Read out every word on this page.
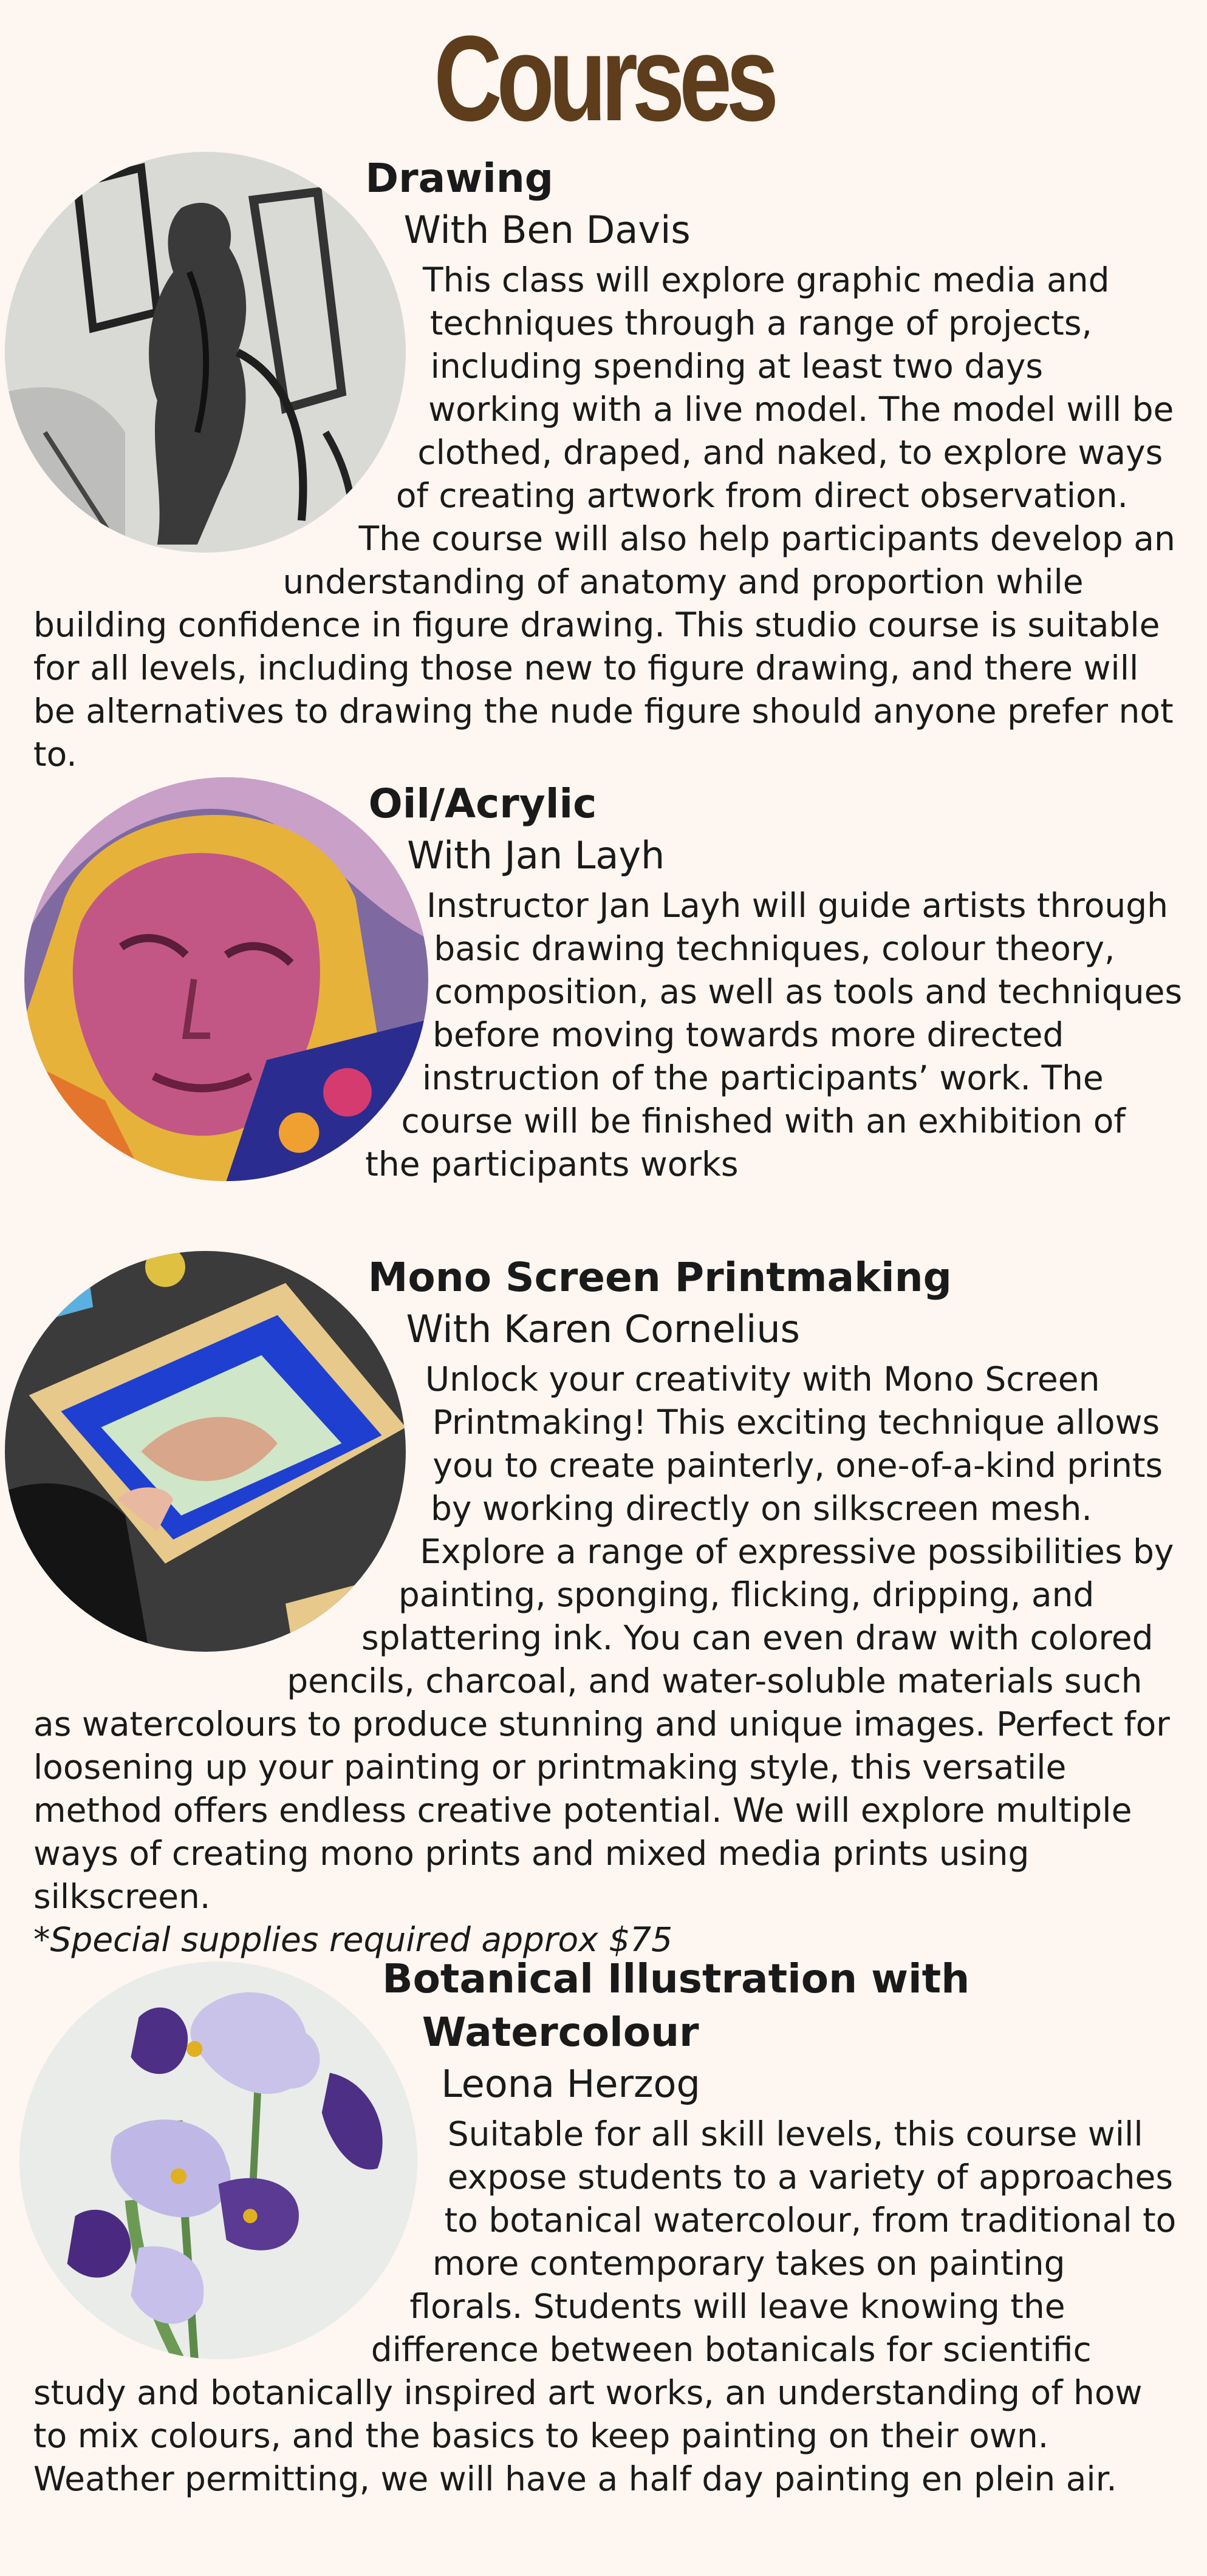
Courses
Drawing
With Ben Davis

This class will explore graphic media and techniques through a range of projects, including spending at least two days working with a live model. The model will be clothed, draped, and naked, to explore ways of creating artwork from direct observation. The course will also help participants develop an understanding of anatomy and proportion while building confidence in figure drawing. This studio course is suitable for all levels, including those new to figure drawing, and there will be alternatives to drawing the nude figure should anyone prefer not to.

Oil/Acrylic
With Jan Layh

Instructor Jan Layh will guide artists through basic drawing techniques, colour theory, composition, as well as tools and techniques before moving towards more directed instruction of the participants’ work. The course will be finished with an exhibition of the participants works

Mono Screen Printmaking
With Karen Cornelius

Unlock your creativity with Mono Screen Printmaking! This exciting technique allows you to create painterly, one-of-a-kind prints by working directly on silkscreen mesh. Explore a range of expressive possibilities by painting, sponging, flicking, dripping, and splattering ink. You can even draw with colored pencils, charcoal, and water-soluble materials such as watercolours to produce stunning and unique images. Perfect for loosening up your painting or printmaking style, this versatile method offers endless creative potential. We will explore multiple ways of creating mono prints and mixed media prints using silkscreen.
*Special supplies required approx $75

Botanical Illustration with Watercolour
Leona Herzog

Suitable for all skill levels, this course will expose students to a variety of approaches to botanical watercolour, from traditional to more contemporary takes on painting florals. Students will leave knowing the difference between botanicals for scientific study and botanically inspired art works, an understanding of how to mix colours, and the basics to keep painting on their own. Weather permitting, we will have a half day painting en plein air.
